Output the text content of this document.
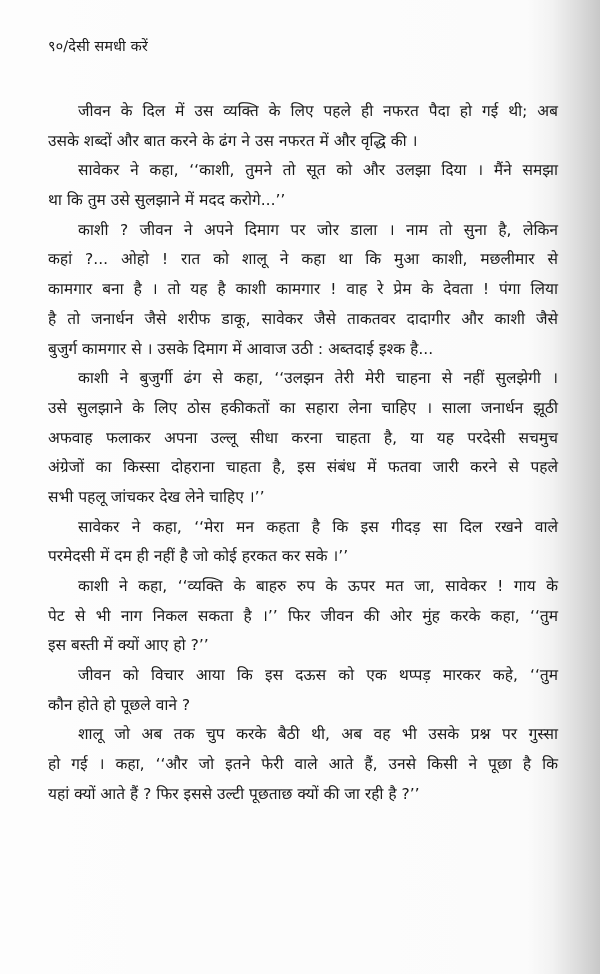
९०/देसी समधी करें
जीवन के दिल में उस व्यक्ति के लिए पहले ही नफरत पैदा हो गई थी; अब
उसके शब्दों और बात करने के ढंग ने उस नफरत में और वृद्धि की ।
सावेकर ने कहा, ‘‘काशी, तुमने तो सूत को और उलझा दिया । मैंने समझा
था कि तुम उसे सुलझाने में मदद करोगे...’’
काशी ? जीवन ने अपने दिमाग पर जोर डाला । नाम तो सुना है, लेकिन
कहां ?... ओहो ! रात को शालू ने कहा था कि मुआ काशी, मछलीमार से
कामगार बना है । तो यह है काशी कामगार ! वाह रे प्रेम के देवता ! पंगा लिया
है तो जनार्धन जैसे शरीफ डाकू, सावेकर जैसे ताकतवर दादागीर और काशी जैसे
बुजुर्ग कामगार से । उसके दिमाग में आवाज उठी : अब्तदाई इश्क है...
काशी ने बुजुर्गी ढंग से कहा, ‘‘उलझन तेरी मेरी चाहना से नहीं सुलझेगी ।
उसे सुलझाने के लिए ठोस हकीकतों का सहारा लेना चाहिए । साला जनार्धन झूठी
अफवाह फलाकर अपना उल्लू सीधा करना चाहता है, या यह परदेसी सचमुच
अंग्रेजों का किस्सा दोहराना चाहता है, इस संबंध में फतवा जारी करने से पहले
सभी पहलू जांचकर देख लेने चाहिए ।’’
सावेकर ने कहा, ‘‘मेरा मन कहता है कि इस गीदड़ सा दिल रखने वाले
परमेदसी में दम ही नहीं है जो कोई हरकत कर सके ।’’
काशी ने कहा, ‘‘व्यक्ति के बाहरु रुप के ऊपर मत जा, सावेकर ! गाय के
पेट से भी नाग निकल सकता है ।’’ फिर जीवन की ओर मुंह करके कहा, ‘‘तुम
इस बस्ती में क्यों आए हो ?’’
जीवन को विचार आया कि इस दऊस को एक थप्पड़ मारकर कहे, ‘‘तुम
कौन होते हो पूछले वाने ?
शालू जो अब तक चुप करके बैठी थी, अब वह भी उसके प्रश्न पर गुस्सा
हो गई । कहा, ‘‘और जो इतने फेरी वाले आते हैं, उनसे किसी ने पूछा है कि
यहां क्यों आते हैं ? फिर इससे उल्टी पूछताछ क्यों की जा रही है ?’’
